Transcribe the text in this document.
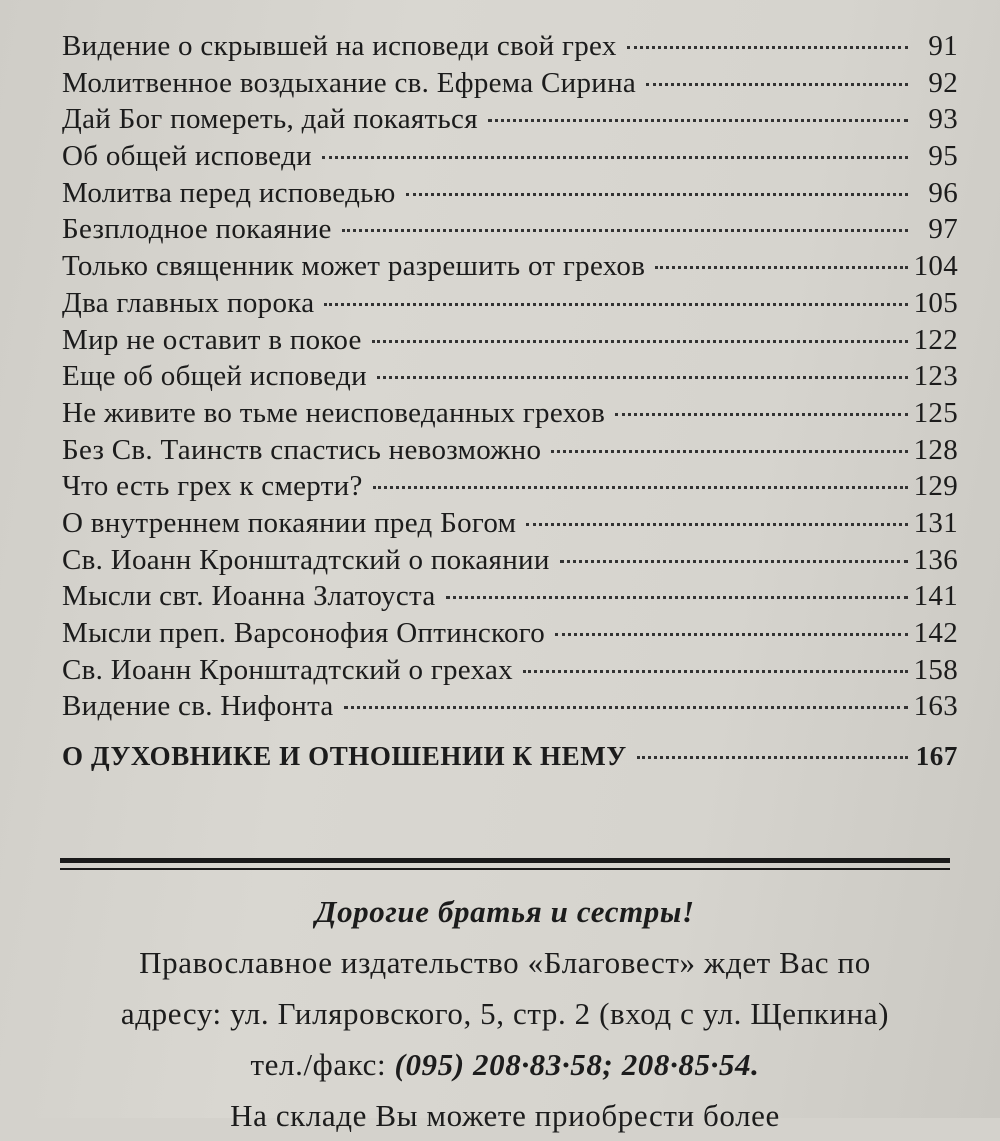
Видение о скрывшей на исповеди свой грех	91
Молитвенное воздыхание св. Ефрема Сирина	92
Дай Бог помереть, дай покаяться	93
Об общей исповеди	95
Молитва перед исповедью	96
Безплодное покаяние	97
Только священник может разрешить от грехов	104
Два главных порока	105
Мир не оставит в покое	122
Еще об общей исповеди	123
Не живите во тьме неисповеданных грехов	125
Без Св. Таинств спастись невозможно	128
Что есть грех к смерти?	129
О внутреннем покаянии пред Богом	131
Св. Иоанн Кронштадтский о покаянии	136
Мысли свт. Иоанна Златоуста	141
Мысли преп. Варсонофия Оптинского	142
Св. Иоанн Кронштадтский о грехах	158
Видение св. Нифонта	163
О ДУХОВНИКЕ И ОТНОШЕНИИ К НЕМУ	167
Дорогие братья и сестры!
Православное издательство «Благовест» ждет Вас по
адресу: ул. Гиляровского, 5, стр. 2 (вход с ул. Щепкина)
тел./факс: (095) 208·83·58; 208·85·54.
На складе Вы можете приобрести более
